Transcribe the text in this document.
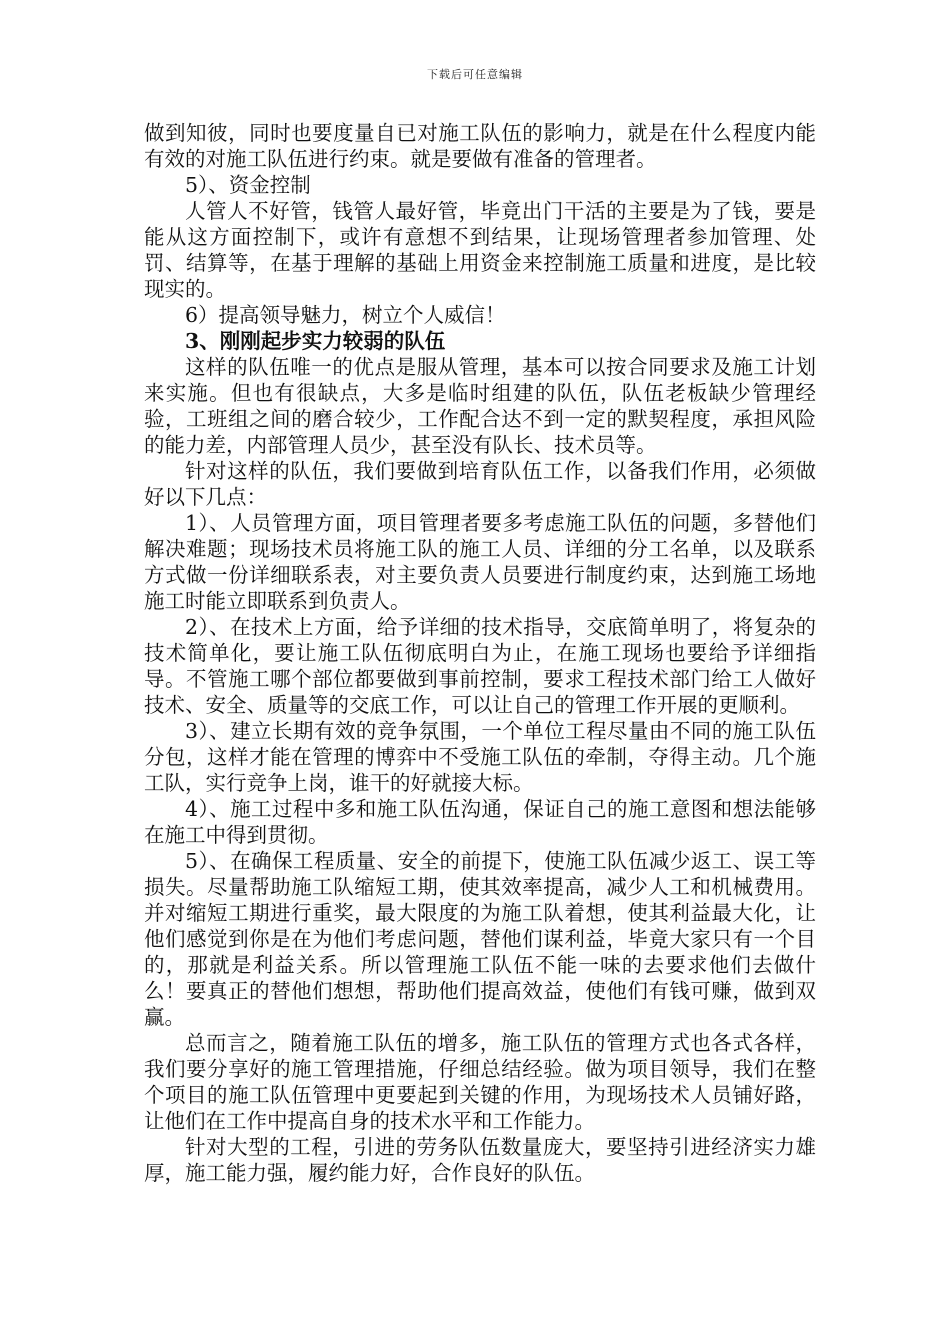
下载后可任意编辑

做到知彼，同时也要度量自已对施工队伍的影响力，就是在什么程度内能有效的对施工队伍进行约束。就是要做有准备的管理者。

5）、资金控制

人管人不好管，钱管人最好管，毕竟出门干活的主要是为了钱，要是能从这方面控制下，或许有意想不到结果，让现场管理者参加管理、处罚、结算等，在基于理解的基础上用资金来控制施工质量和进度，是比较现实的。

6）提高领导魅力，树立个人威信！

3、刚刚起步实力较弱的队伍

这样的队伍唯一的优点是服从管理，基本可以按合同要求及施工计划来实施。但也有很缺点，大多是临时组建的队伍，队伍老板缺少管理经验，工班组之间的磨合较少，工作配合达不到一定的默契程度，承担风险的能力差，内部管理人员少，甚至没有队长、技术员等。

针对这样的队伍，我们要做到培育队伍工作，以备我们作用，必须做好以下几点：

1）、人员管理方面，项目管理者要多考虑施工队伍的问题，多替他们解决难题；现场技术员将施工队的施工人员、详细的分工名单，以及联系方式做一份详细联系表，对主要负责人员要进行制度约束，达到施工场地施工时能立即联系到负责人。

2）、在技术上方面，给予详细的技术指导，交底简单明了，将复杂的技术简单化，要让施工队伍彻底明白为止，在施工现场也要给予详细指导。不管施工哪个部位都要做到事前控制，要求工程技术部门给工人做好技术、安全、质量等的交底工作，可以让自己的管理工作开展的更顺利。

3）、建立长期有效的竞争氛围，一个单位工程尽量由不同的施工队伍分包，这样才能在管理的博弈中不受施工队伍的牵制，夺得主动。几个施工队，实行竞争上岗，谁干的好就接大标。

4）、施工过程中多和施工队伍沟通，保证自己的施工意图和想法能够在施工中得到贯彻。

5）、在确保工程质量、安全的前提下，使施工队伍减少返工、误工等损失。尽量帮助施工队缩短工期，使其效率提高，减少人工和机械费用。并对缩短工期进行重奖，最大限度的为施工队着想，使其利益最大化，让他们感觉到你是在为他们考虑问题，替他们谋利益，毕竟大家只有一个目的，那就是利益关系。所以管理施工队伍不能一味的去要求他们去做什么！要真正的替他们想想，帮助他们提高效益，使他们有钱可赚，做到双赢。

总而言之，随着施工队伍的增多，施工队伍的管理方式也各式各样，我们要分享好的施工管理措施，仔细总结经验。做为项目领导，我们在整个项目的施工队伍管理中更要起到关键的作用，为现场技术人员铺好路，让他们在工作中提高自身的技术水平和工作能力。

针对大型的工程，引进的劳务队伍数量庞大，要坚持引进经济实力雄厚，施工能力强，履约能力好，合作良好的队伍。
